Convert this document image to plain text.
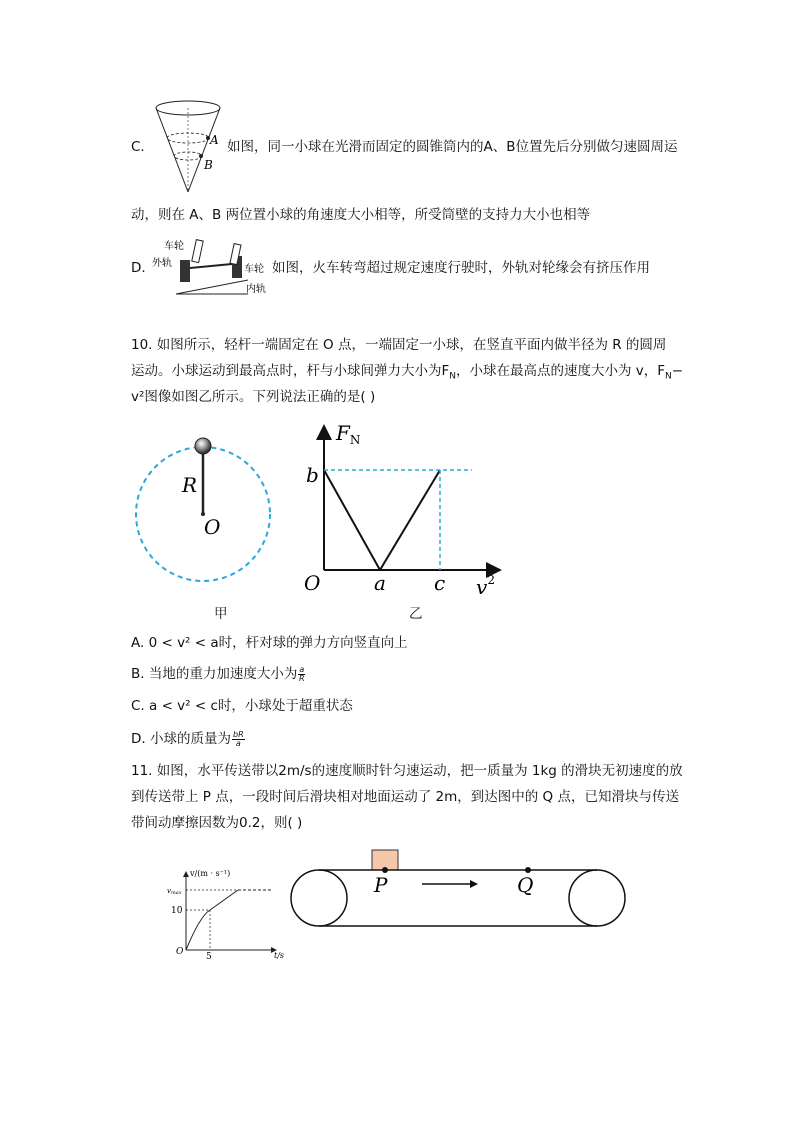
C.	A
B
如图，同一小球在光滑而固定的圆锥筒内的A、B位置先后分别做匀速圆周运
动，则在 A、B 两位置小球的角速度大小相等，所受筒壁的支持力大小也相等
D.
车轮
外轨
车轮
内轨
如图，火车转弯超过规定速度行驶时，外轨对轮缘会有挤压作用
10. 如图所示，轻杆一端固定在 O 点，一端固定一小球，在竖直平面内做半径为 R 的圆周
运动。小球运动到最高点时，杆与小球间弹力大小为$F_N$，小球在最高点的速度大小为 v，$F_N-$
v²图像如图乙所示。下列说法正确的是( )
R
O
甲
$F_N$
b
O	a c $v^2$
乙
A. 0 < v² < a时，杆对球的弹力方向竖直向上
B. 当地的重力加速度大小为 $\frac{a}{R}$
C. a < v² < c时，小球处于超重状态
D. 小球的质量为 $\frac{bR}{a}$
11. 如图，水平传送带以2m/s的速度顺时针匀速运动，把一质量为 1kg 的滑块无初速度的放
到传送带上 P 点，一段时间后滑块相对地面运动了 2m，到达图中的 Q 点，已知滑块与传送
带间动摩擦因数为0.2，则( )
v/(m · s⁻¹)
vmax
10
O	5	t/s
P	Q
